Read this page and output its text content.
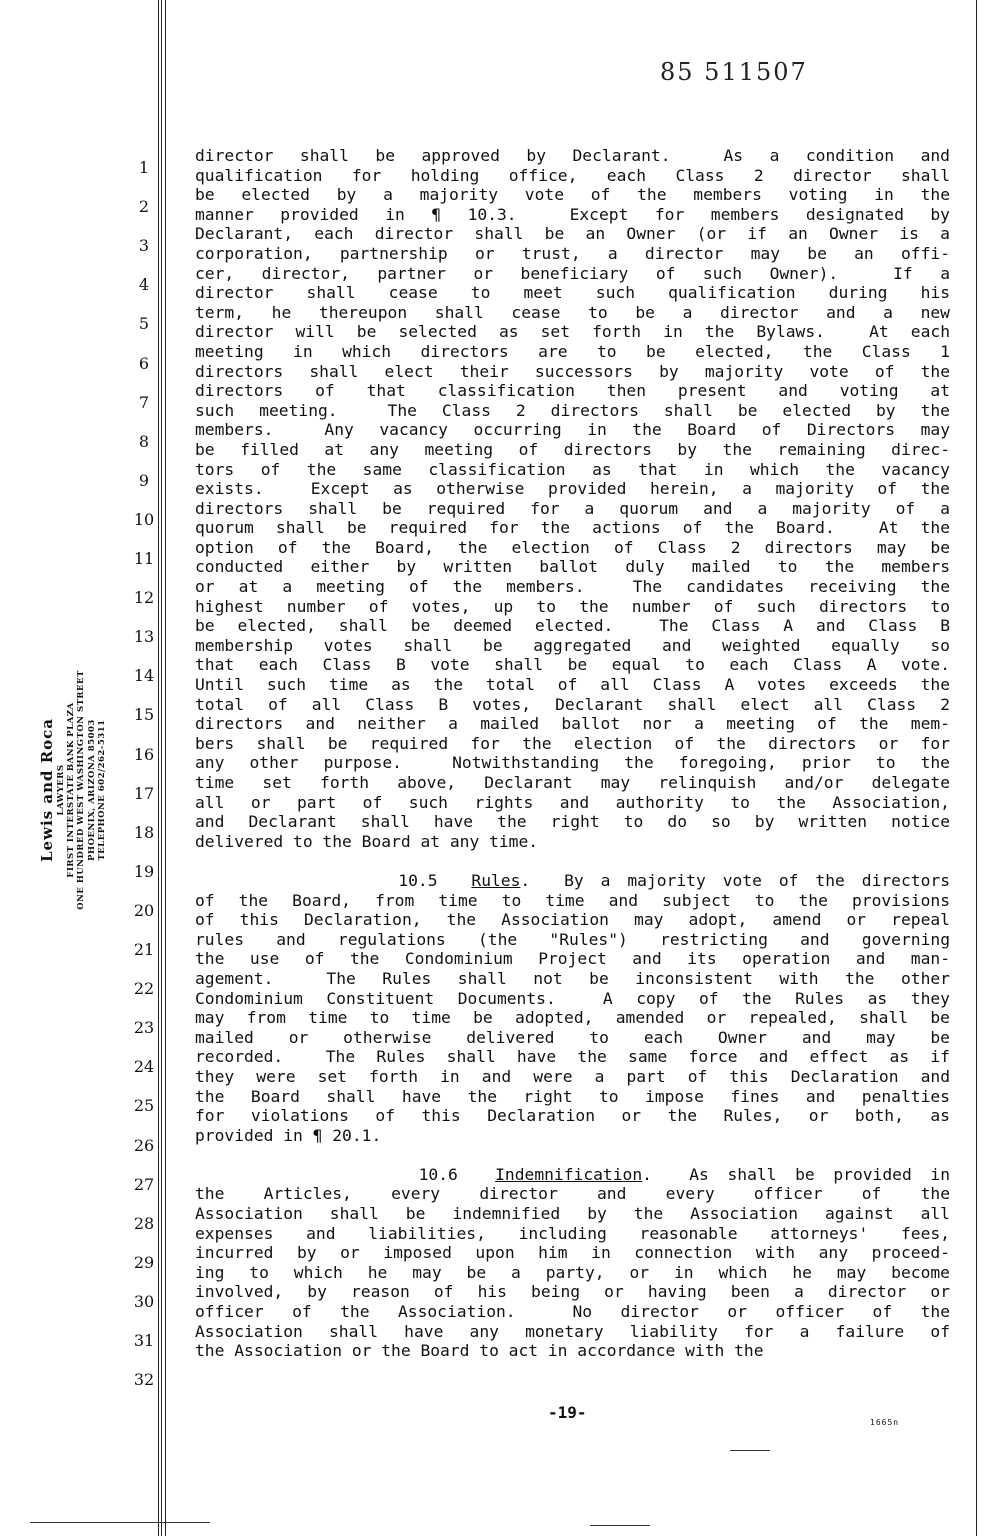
85 511507
Lewis and Roca LAWYERS FIRST INTERSTATE BANK PLAZA ONE HUNDRED WEST WASHINGTON STREET PHOENIX, ARIZONA 85003 TELEPHONE 602/262-5311
1
2
3
4
5
6
7
8
9
10
11
12
13
14
15
16
17
18
19
20
21
22
23
24
25
26
27
28
29
30
31
32
director shall be approved by Declarant.  As a condition and
qualification for holding office, each Class 2 director shall
be elected by a majority vote of the members voting in the
manner provided in ¶ 10.3.  Except for members designated by
Declarant, each director shall be an Owner (or if an Owner is a
corporation, partnership or trust, a director may be an offi-
cer, director, partner or beneficiary of such Owner).  If a
director shall cease to meet such qualification during his
term, he thereupon shall cease to be a director and a new
director will be selected as set forth in the Bylaws.  At each
meeting in which directors are to be elected, the Class 1
directors shall elect their successors by majority vote of the
directors of that classification then present and voting at
such meeting.  The Class 2 directors shall be elected by the
members.  Any vacancy occurring in the Board of Directors may
be filled at any meeting of directors by the remaining direc-
tors of the same classification as that in which the vacancy
exists.  Except as otherwise provided herein, a majority of the
directors shall be required for a quorum and a majority of a
quorum shall be required for the actions of the Board.  At the
option of the Board, the election of Class 2 directors may be
conducted either by written ballot duly mailed to the members
or at a meeting of the members.  The candidates receiving the
highest number of votes, up to the number of such directors to
be elected, shall be deemed elected.  The Class A and Class B
membership votes shall be aggregated and weighted equally so
that each Class B vote shall be equal to each Class A vote.
Until such time as the total of all Class A votes exceeds the
total of all Class B votes, Declarant shall elect all Class 2
directors and neither a mailed ballot nor a meeting of the mem-
bers shall be required for the election of the directors or for
any other purpose.  Notwithstanding the foregoing, prior to the
time set forth above, Declarant may relinquish and/or delegate
all or part of such rights and authority to the Association,
and Declarant shall have the right to do so by written notice
delivered to the Board at any time.
10.5 Rules.  By a majority vote of the directors
of the Board, from time to time and subject to the provisions
of this Declaration, the Association may adopt, amend or repeal
rules and regulations (the "Rules") restricting and governing
the use of the Condominium Project and its operation and man-
agement.  The Rules shall not be inconsistent with the other
Condominium Constituent Documents.  A copy of the Rules as they
may from time to time be adopted, amended or repealed, shall be
mailed or otherwise delivered to each Owner and may be
recorded.  The Rules shall have the same force and effect as if
they were set forth in and were a part of this Declaration and
the Board shall have the right to impose fines and penalties
for violations of this Declaration or the Rules, or both, as
provided in ¶ 20.1.
10.6 Indemnification.  As shall be provided in
the Articles, every director and every officer of the
Association shall be indemnified by the Association against all
expenses and liabilities, including reasonable attorneys' fees,
incurred by or imposed upon him in connection with any proceed-
ing to which he may be a party, or in which he may become
involved, by reason of his being or having been a director or
officer of the Association.  No director or officer of the
Association shall have any monetary liability for a failure of
the Association or the Board to act in accordance with the
-19-
1665n
